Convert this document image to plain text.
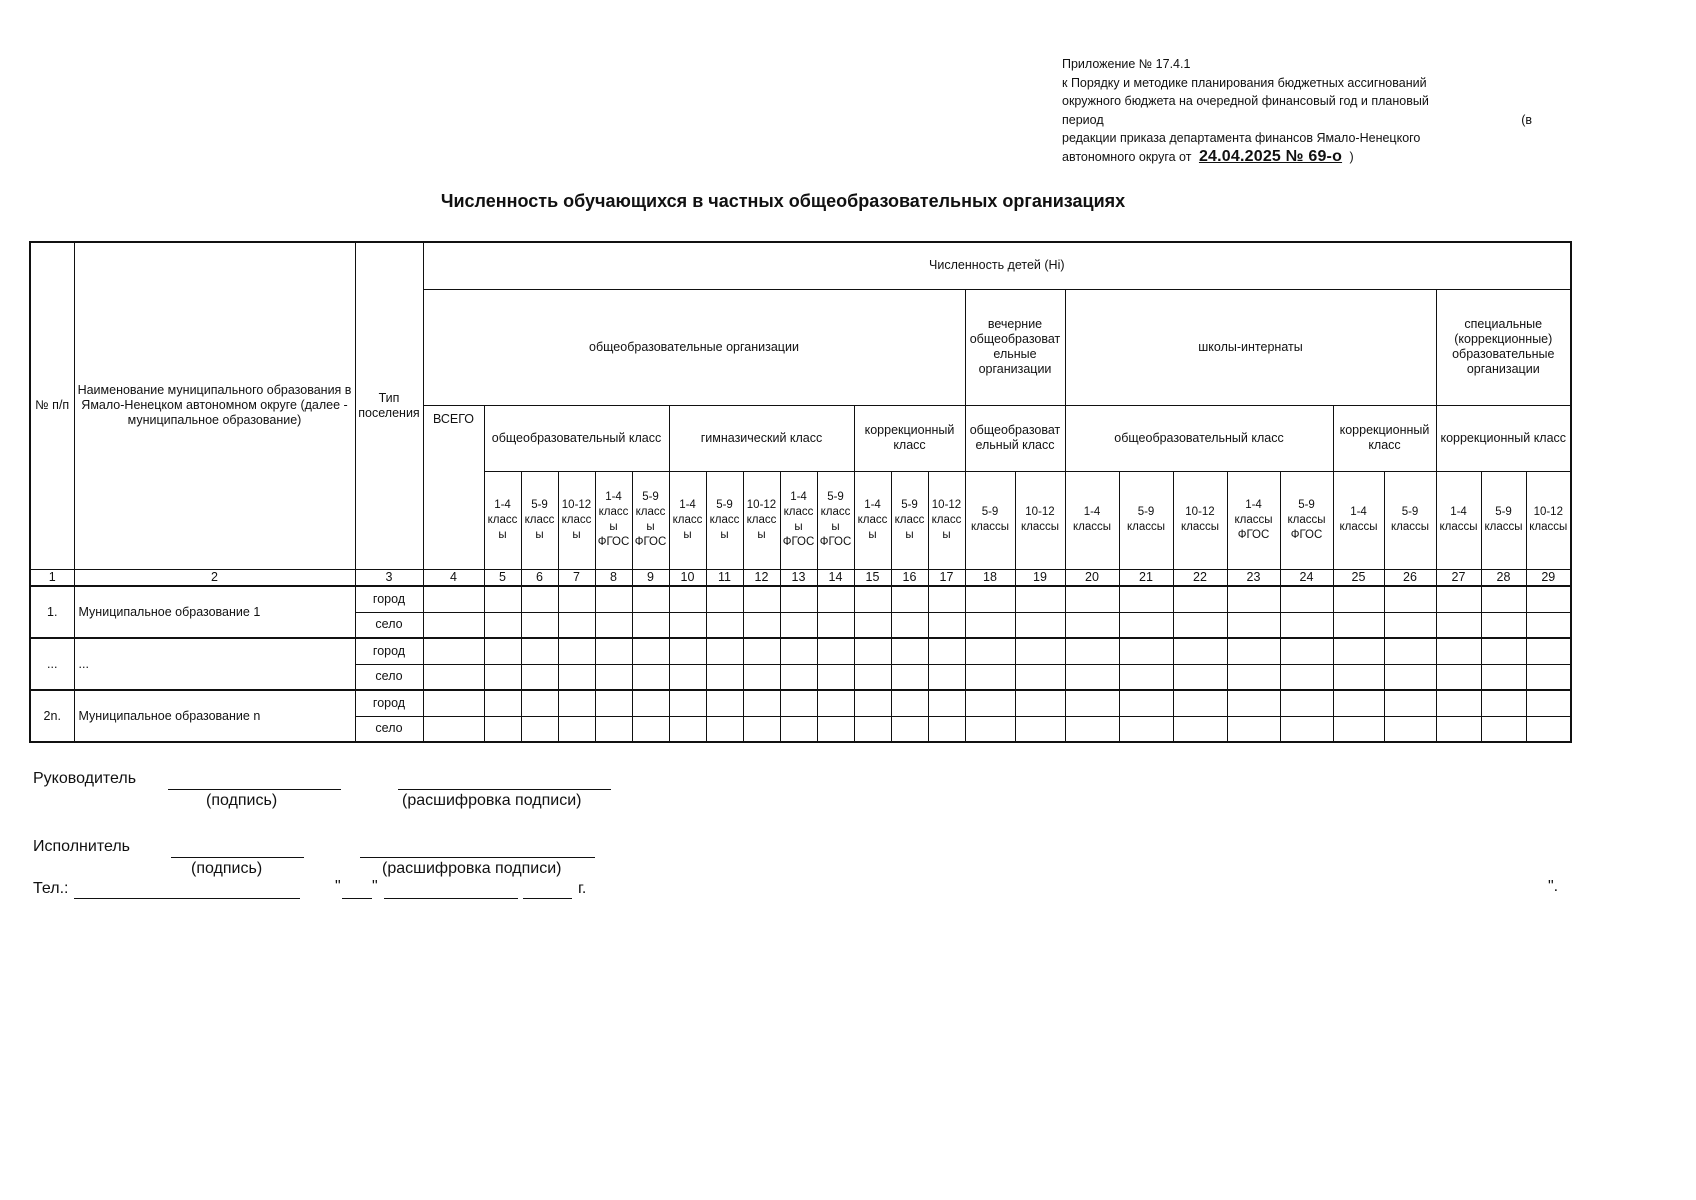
Приложение № 17.4.1
к Порядку и методике планирования бюджетных ассигнований
окружного бюджета на очередной финансовый год и плановый
период	(в
редакции приказа департамента финансов Ямало-Ненецкого
автономного округа от 24.04.2025 № 69-о )
Численность обучающихся в частных общеобразовательных организациях
№ п/п	Наименование муниципального образования в Ямало-Ненецком автономном округе (далее - муниципальное образование)	Тип поселения	Численность детей (Hi)																									
			общеобразовательные организации														вечерние общеобразовательные организации		школы-интернаты							специальные (коррекционные) образовательные организации		
			ВСЕГО	общеобразовательный класс					гимназический класс					коррекционный класс			общеобразовательный класс		общеобразовательный класс					коррекционный класс		коррекционный класс		
				1-4 классы	5-9 классы	10-12 классы	1-4 классы ФГОС	5-9 классы ФГОС	1-4 классы	5-9 классы	10-12 классы	1-4 классы ФГОС	5-9 классы ФГОС	1-4 классы	5-9 классы	10-12 классы	5-9 классы	10-12 классы	1-4 классы	5-9 классы	10-12 классы	1-4 классы ФГОС	5-9 классы ФГОС	1-4 классы	5-9 классы	1-4 классы	5-9 классы	10-12 классы
1	2	3	4	5	6	7	8	9	10	11	12	13	14	15	16	17	18	19	20	21	22	23	24	25	26	27	28	29
1.	Муниципальное образование 1	город																										
		село																										
...	...	город																										
		село																										
2n.	Муниципальное образование n	город																										
		село																										
Руководитель
(подпись)	(расшифровка подписи)
Исполнитель
(подпись)	(расшифровка подписи)
Тел.:	" "	г.	".
